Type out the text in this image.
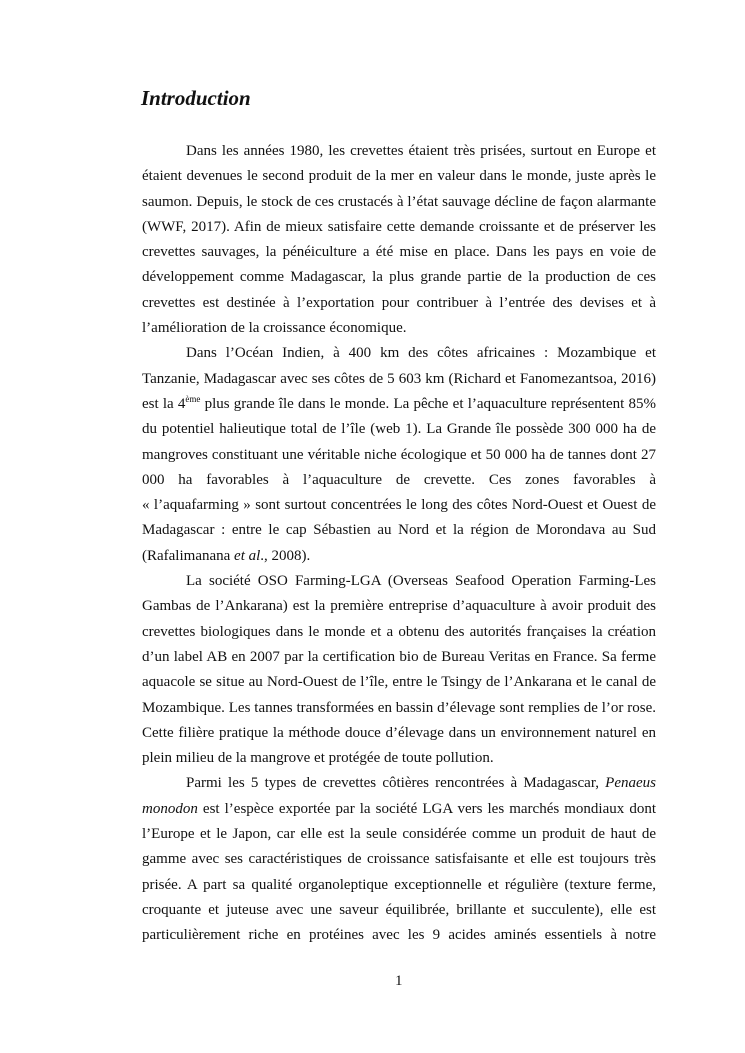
Introduction
Dans les années 1980, les crevettes étaient très prisées, surtout en Europe et
étaient devenues le second produit de la mer en valeur dans le monde, juste après le
saumon. Depuis, le stock de ces crustacés à l’état sauvage décline de façon alarmante
(WWF, 2017). Afin de mieux satisfaire cette demande croissante et de préserver les
crevettes sauvages, la pénéiculture a été mise en place. Dans les pays en voie de
développement comme Madagascar, la plus grande partie de la production de ces
crevettes est destinée à l’exportation pour contribuer à l’entrée des devises et à
l’amélioration de la croissance économique.
Dans l’Océan Indien, à 400 km des côtes africaines : Mozambique et
Tanzanie, Madagascar avec ses côtes de 5 603 km (Richard et Fanomezantsoa, 2016)
est la 4ème plus grande île dans le monde. La pêche et l’aquaculture représentent 85%
du potentiel halieutique total de l’île (web 1). La Grande île possède 300 000 ha de
mangroves constituant une véritable niche écologique et 50 000 ha de tannes dont 27
000 ha favorables à l’aquaculture de crevette. Ces zones favorables à
« l’aquafarming » sont surtout concentrées le long des côtes Nord-Ouest et Ouest de
Madagascar : entre le cap Sébastien au Nord et la région de Morondava au Sud
(Rafalimanana et al., 2008).
La société OSO Farming-LGA (Overseas Seafood Operation Farming-Les
Gambas de l’Ankarana) est la première entreprise d’aquaculture à avoir produit des
crevettes biologiques dans le monde et a obtenu des autorités françaises la création
d’un label AB en 2007 par la certification bio de Bureau Veritas en France. Sa ferme
aquacole se situe au Nord-Ouest de l’île, entre le Tsingy de l’Ankarana et le canal de
Mozambique. Les tannes transformées en bassin d’élevage sont remplies de l’or rose.
Cette filière pratique la méthode douce d’élevage dans un environnement naturel en
plein milieu de la mangrove et protégée de toute pollution.
Parmi les 5 types de crevettes côtières rencontrées à Madagascar, Penaeus
monodon est l’espèce exportée par la société LGA vers les marchés mondiaux dont
l’Europe et le Japon, car elle est la seule considérée comme un produit de haut de
gamme avec ses caractéristiques de croissance satisfaisante et elle est toujours très
prisée. A part sa qualité organoleptique exceptionnelle et régulière (texture ferme,
croquante et juteuse avec une saveur équilibrée, brillante et succulente), elle est
particulièrement riche en protéines avec les 9 acides aminés essentiels à notre
1
